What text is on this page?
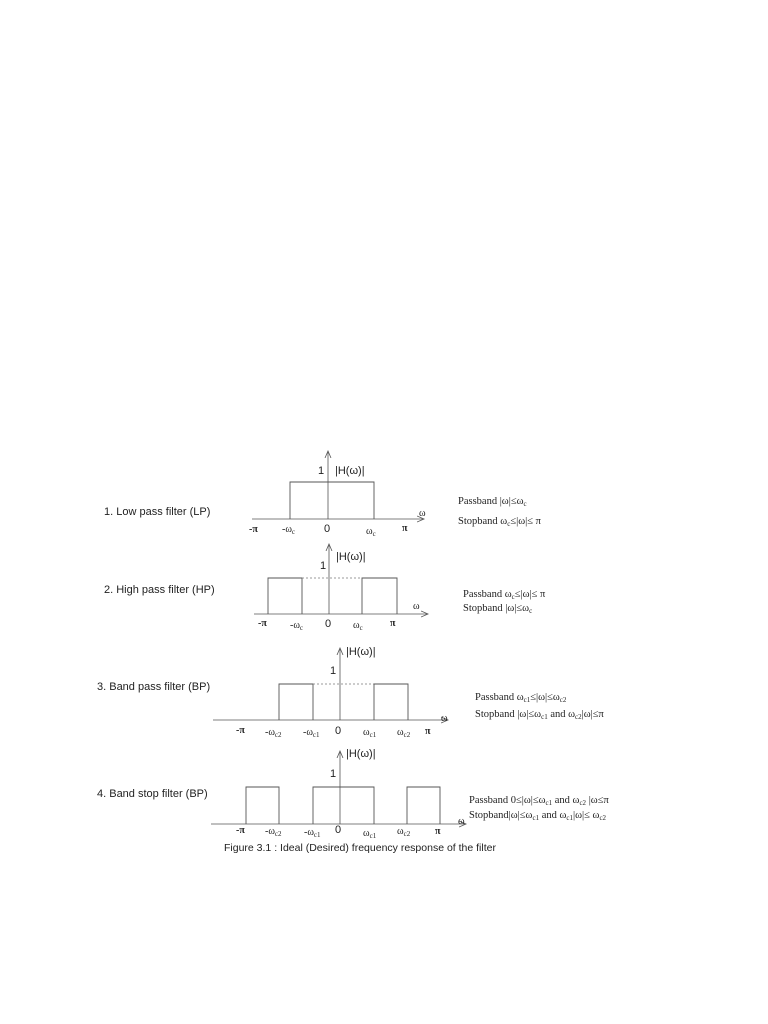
1. Low pass filter (LP)
1 |H(ω)|
ω
-π $-\omega_c$	0	$\omega_c$	π
Passband |ω|≤ωc
Stopband ωc≤|ω|≤ π
2. High pass filter (HP)
1
|H(ω)|
ω
-π $-\omega_c$ 0 $\omega_c$	π
Passband ωc≤|ω|≤ π
Stopband |ω|≤ωc
3. Band pass filter (BP)
1
|H(ω)|
ω
-π $-\omega_{c2}$ $-\omega_{c1}$ 0 $\omega_{c1}$ $\omega_{c2}$ π
Passband ωc1≤|ω|≤ωc2
Stopband |ω|≤ωc1 and ωc2|ω|≤π
4. Band stop filter (BP)
1
|H(ω)|
ω
-π $-\omega_{c2}$ $-\omega_{c1}$ 0 $\omega_{c1}$ $\omega_{c2}$ π
Passband 0≤|ω|≤ωc1 and ωc2 |ω≤π
Stopband|ω|≤ωc1 and ωc1|ω|≤ ωc2
Figure 3.1 : Ideal (Desired) frequency response of the filter
